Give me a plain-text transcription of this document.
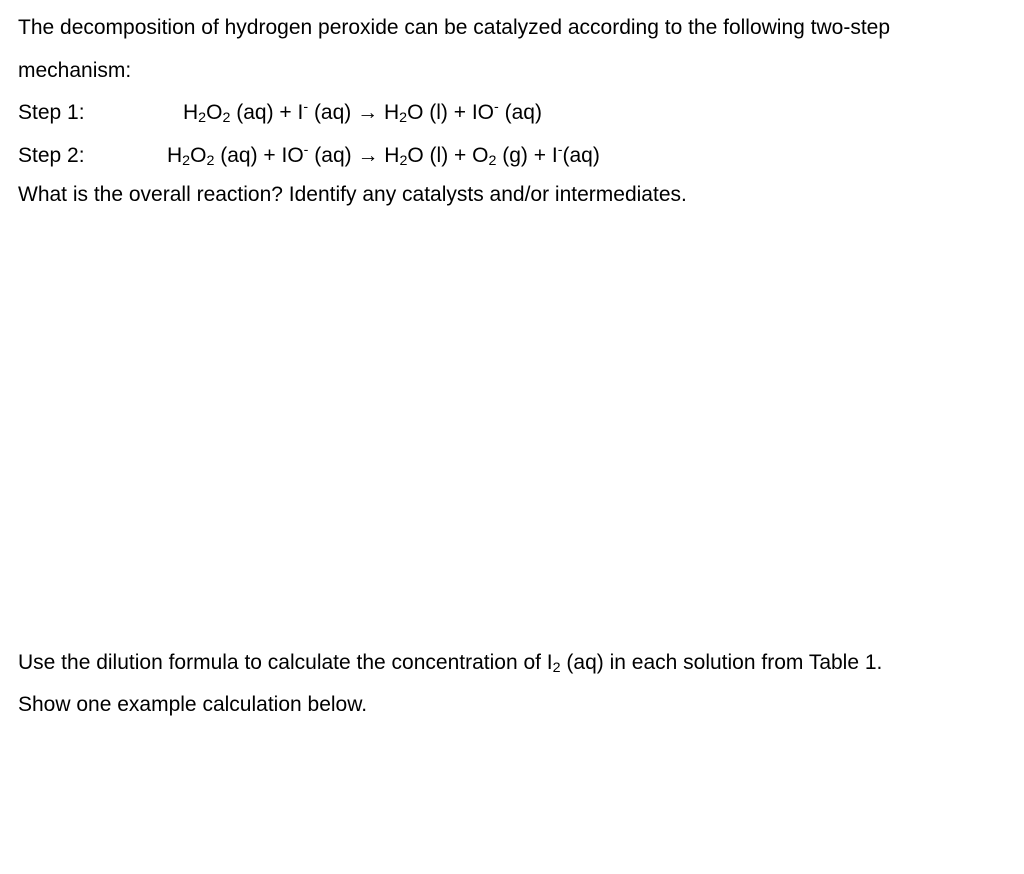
The decomposition of hydrogen peroxide can be catalyzed according to the following two-step
mechanism:
Step 1:	$H_2O_2$ (aq) + I- $(aq) \to H_2O$ (l) + IO- (aq)
Step 2:	$H_2O_2$ (aq) + IO- $(aq) \to H_2O$ $(l) + O_2$ (g) + I-(aq)
What is the overall reaction? Identify any catalysts and/or intermediates.
Use the dilution formula to calculate the concentration of $I_2$ (aq) in each solution from Table 1.
Show one example calculation below.
